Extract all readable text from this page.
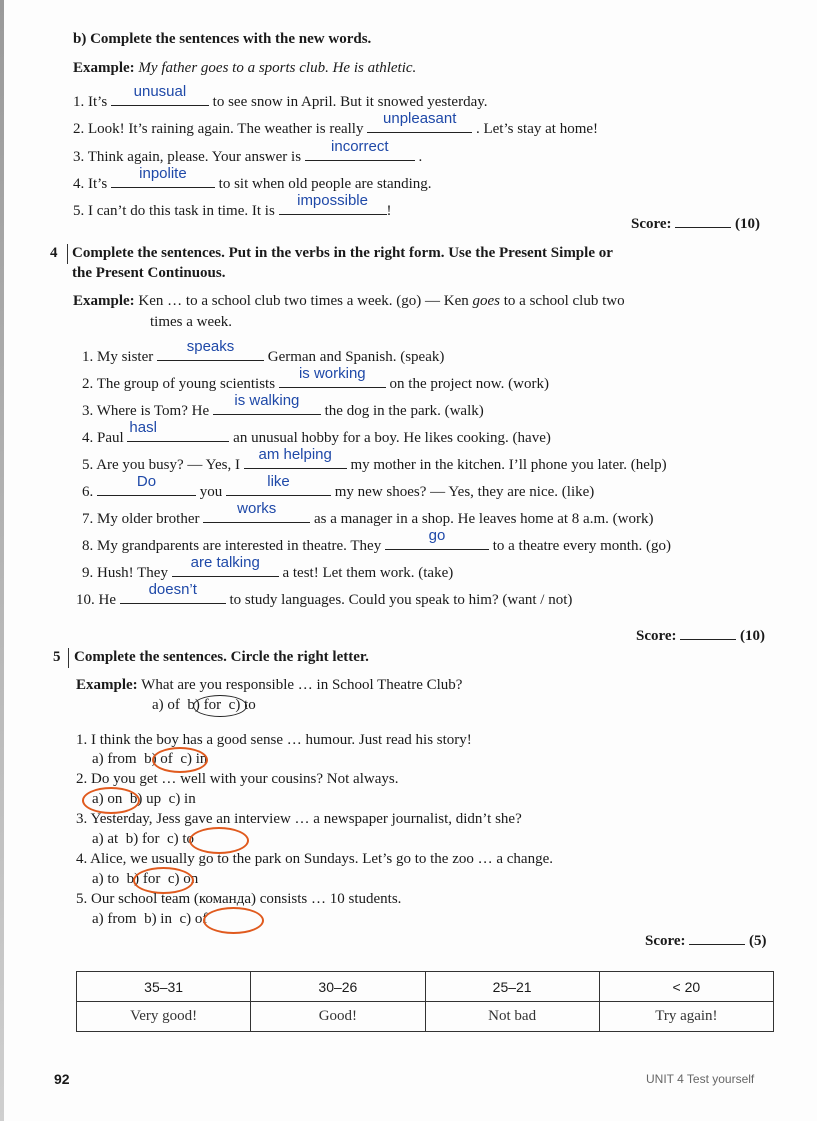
b) Complete the sentences with the new words.
Example: My father goes to a sports club. He is athletic.
1. It’s
unusual
to see snow in April. But it snowed yesterday.
2. Look! It’s raining again. The weather is really
unpleasant
. Let’s stay at home!
3. Think again, please. Your answer is
incorrect
.
4. It’s
inpolite
to sit when old people are standing.
5. I can’t do this task in time. It is
impossible
!
Score:	(10)
4 Complete the sentences. Put in the verbs in the right form. Use the Present Simple or
the Present Continuous.
Example: Ken … to a school club two times a week. (go) — Ken goes to a school club two
times a week.
1. My sister
speaks
German and Spanish. (speak)
2. The group of young scientists
is working
on the project now. (work)
3. Where is Tom? He
is walking
the dog in the park. (walk)
4. Paul
hasl
an unusual hobby for a boy. He likes cooking. (have)
5. Are you busy? — Yes, I
am helping
my mother in the kitchen. I’ll phone you later. (help)
6.
Do
you
like
my new shoes? — Yes, they are nice. (like)
7. My older brother
works
as a manager in a shop. He leaves home at 8 a.m. (work)
8. My grandparents are interested in theatre. They
go
to a theatre every month. (go)
9. Hush! They
are talking
a test! Let them work. (take)
10. He
doesn’t
to study languages. Could you speak to him? (want / not)
Score:	(10)
5 Complete the sentences. Circle the right letter.
Example: What are you responsible … in School Theatre Club?
a) of b) for c) to
1. I think the boy has a good sense … humour. Just read his story!
a) from b) of c) in
2. Do you get … well with your cousins? Not always.
a) on b) up c) in
3. Yesterday, Jess gave an interview … a newspaper journalist, didn’t she?
a) at b) for c) to
4. Alice, we usually go to the park on Sundays. Let’s go to the zoo … a change.
a) to b) for c) on
5. Our school team (команда) consists … 10 students.
a) from b) in c) of
Score:	(5)
35–31	30–26	25–21	< 20
Very good!	Good!	Not bad	Try again!
92	UNIT 4 Test yourself
